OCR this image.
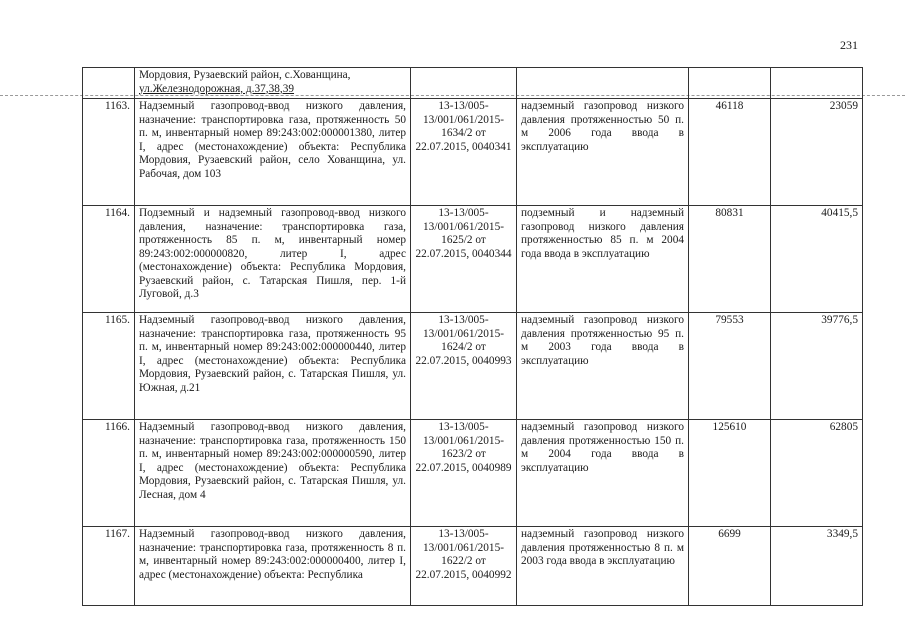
231

	Мордовия, Рузаевский район, с.Хованщина,
ул.Железнодорожная, д.37,38,39				

1163.	Надземный газопровод-ввод низкого давления, назначение: транспортировка газа, протяженность 50 п. м, инвентарный номер 89:243:002:000001380, литер I, адрес (местонахождение) объекта: Республика Мордовия, Рузаевский район, село Хованщина, ул. Рабочая, дом 103	13-13/005-13/001/061/2015-1634/2 от 22.07.2015, 0040341	надземный газопровод низкого давления протяженностью 50 п. м 2006 года ввода в эксплуатацию	46118	23059
1164.	Подземный и надземный газопровод-ввод низкого давления, назначение: транспортировка газа, протяженность 85 п. м, инвентарный номер 89:243:002:000000820, литер I, адрес (местонахождение) объекта: Республика Мордовия, Рузаевский район, с. Татарская Пишля, пер. 1-й Луговой, д.3	13-13/005-13/001/061/2015-1625/2 от 22.07.2015, 0040344	подземный и надземный газопровод низкого давления протяженностью 85 п. м 2004 года ввода в эксплуатацию	80831	40415,5
1165.	Надземный газопровод-ввод низкого давления, назначение: транспортировка газа, протяженность 95 п. м, инвентарный номер 89:243:002:000000440, литер I, адрес (местонахождение) объекта: Республика Мордовия, Рузаевский район, с. Татарская Пишля, ул. Южная, д.21	13-13/005-13/001/061/2015-1624/2 от 22.07.2015, 0040993	надземный газопровод низкого давления протяженностью 95 п. м 2003 года ввода в эксплуатацию	79553	39776,5
1166.	Надземный газопровод-ввод низкого давления, назначение: транспортировка газа, протяженность 150 п. м, инвентарный номер 89:243:002:000000590, литер I, адрес (местонахождение) объекта: Республика Мордовия, Рузаевский район, с. Татарская Пишля, ул. Лесная, дом 4	13-13/005-13/001/061/2015-1623/2 от 22.07.2015, 0040989	надземный газопровод низкого давления протяженностью 150 п. м 2004 года ввода в эксплуатацию	125610	62805
1167.	Надземный газопровод-ввод низкого давления, назначение: транспортировка газа, протяженность 8 п. м, инвентарный номер 89:243:002:000000400, литер I, адрес (местонахождение) объекта: Республика	13-13/005-13/001/061/2015-1622/2 от 22.07.2015, 0040992	надземный газопровод низкого давления протяженностью 8 п. м 2003 года ввода в эксплуатацию	6699	3349,5
